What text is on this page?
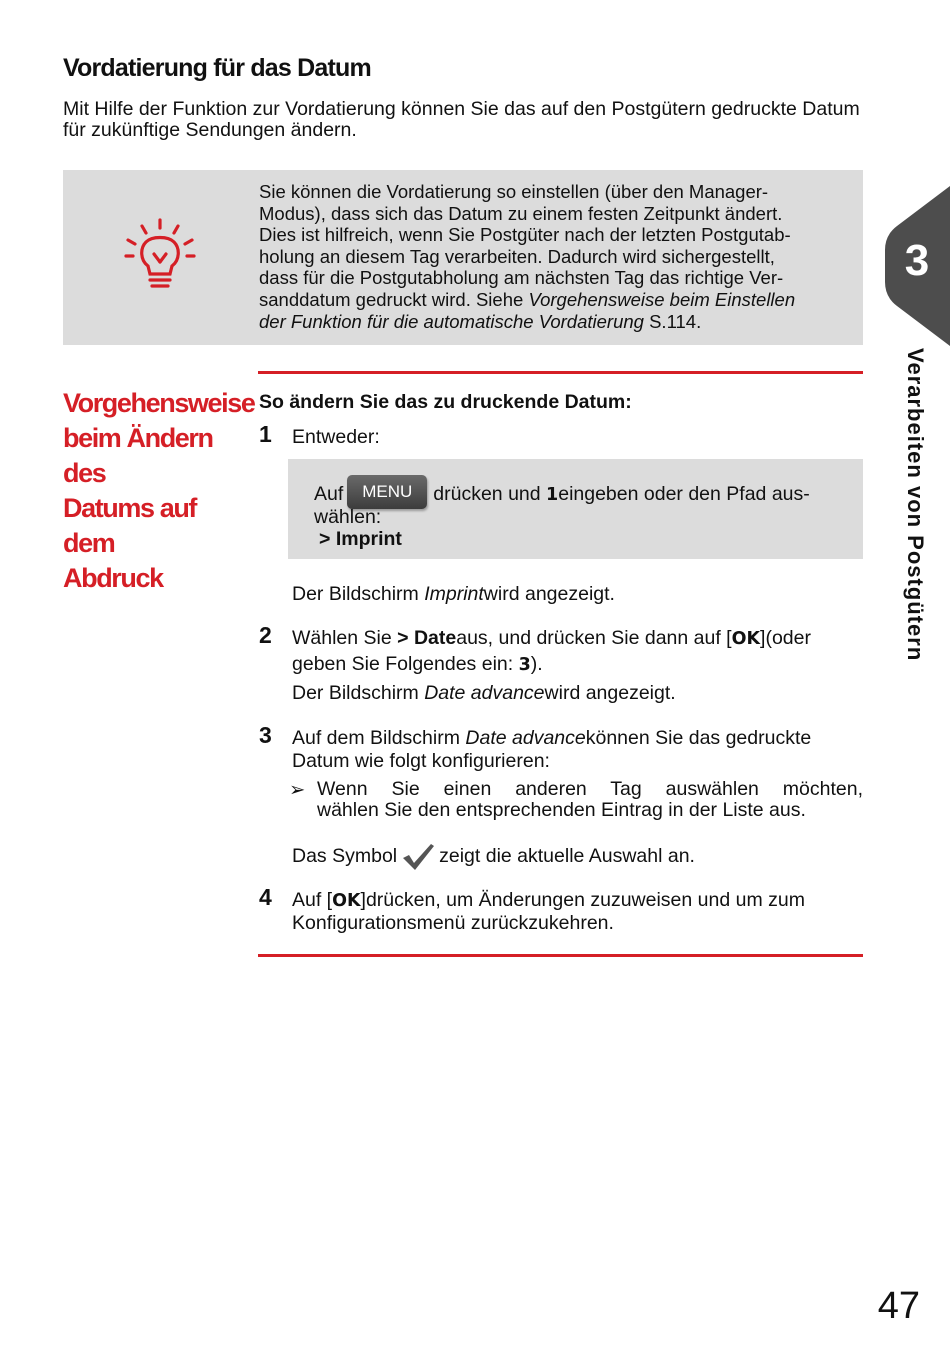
Vordatierung für das Datum

Mit Hilfe der Funktion zur Vordatierung können Sie das auf den Postgütern gedruckte Datum für zukünftige Sendungen ändern.

Sie können die Vordatierung so einstellen (über den Manager-
Modus), dass sich das Datum zu einem festen Zeitpunkt ändert.
Dies ist hilfreich, wenn Sie Postgüter nach der letzten Postgutab-
holung an diesem Tag verarbeiten. Dadurch wird sichergestellt,
dass für die Postgutabholung am nächsten Tag das richtige Ver-
sanddatum gedruckt wird. Siehe Vorgehensweise beim Einstellen
der Funktion für die automatische Vordatierung S.114.
3
Verarbeiten von Postgütern
Vorgehensweise
beim Ändern des
Datums auf dem
Abdruck
So ändern Sie das zu druckende Datum:
1 Entweder:
Auf MENU drücken und 1eingeben oder den Pfad aus-
wählen:
> Imprint
Der Bildschirm Imprintwird angezeigt.
2 Wählen Sie > Dateaus, und drücken Sie dann auf [OK](oder
geben Sie Folgendes ein: 3).
Der Bildschirm Date advancewird angezeigt.
3 Auf dem Bildschirm Date advancekönnen Sie das gedruckte
Datum wie folgt konfigurieren:
➢ Wenn Sie einen anderen Tag auswählen möchten,
wählen Sie den entsprechenden Eintrag in der Liste aus.
Das Symbol zeigt die aktuelle Auswahl an.
4 Auf [OK]drücken, um Änderungen zuzuweisen und um zum
Konfigurationsmenü zurückzukehren.
47
